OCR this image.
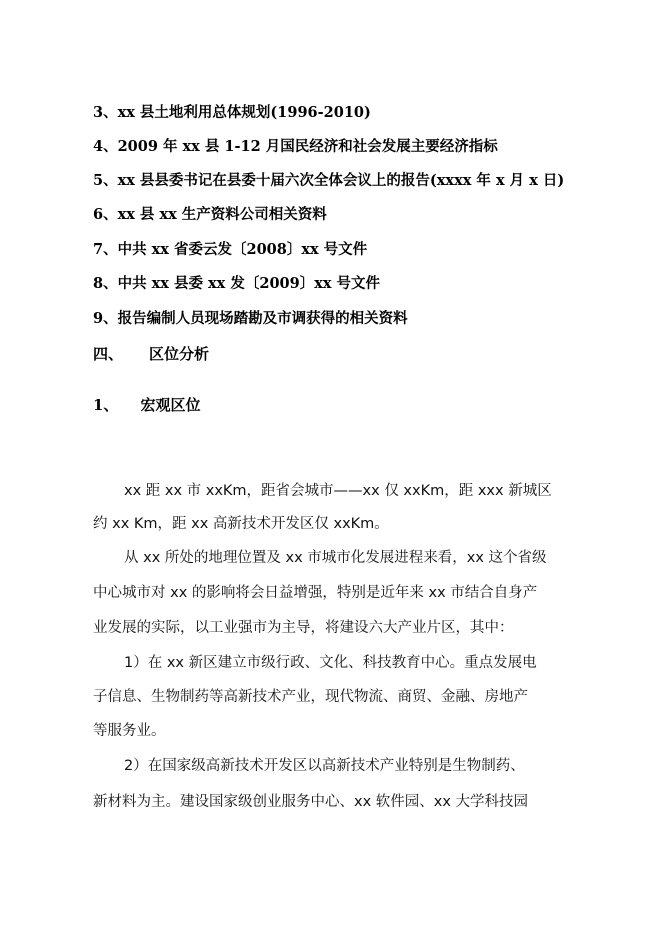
3、xx 县土地利用总体规划(1996-2010)
4、2009 年 xx 县 1-12 月国民经济和社会发展主要经济指标
5、xx 县县委书记在县委十届六次全体会议上的报告(xxxx 年 x 月 x 日)
6、xx 县 xx 生产资料公司相关资料
7、中共 xx 省委云发〔2008〕xx 号文件
8、中共 xx 县委 xx 发〔2009〕xx 号文件
9、报告编制人员现场踏勘及市调获得的相关资料
四、 区位分析
1、 宏观区位
xx 距 xx 市 xxKm，距省会城市——xx 仅 xxKm，距 xxx 新城区
约 xx Km，距 xx 高新技术开发区仅 xxKm。
从 xx 所处的地理位置及 xx 市城市化发展进程来看，xx 这个省级
中心城市对 xx 的影响将会日益增强，特别是近年来 xx 市结合自身产
业发展的实际，以工业强市为主导，将建设六大产业片区，其中：
1）在 xx 新区建立市级行政、文化、科技教育中心。重点发展电
子信息、生物制药等高新技术产业，现代物流、商贸、金融、房地产
等服务业。
2）在国家级高新技术开发区以高新技术产业特别是生物制药、
新材料为主。建设国家级创业服务中心、xx 软件园、xx 大学科技园
